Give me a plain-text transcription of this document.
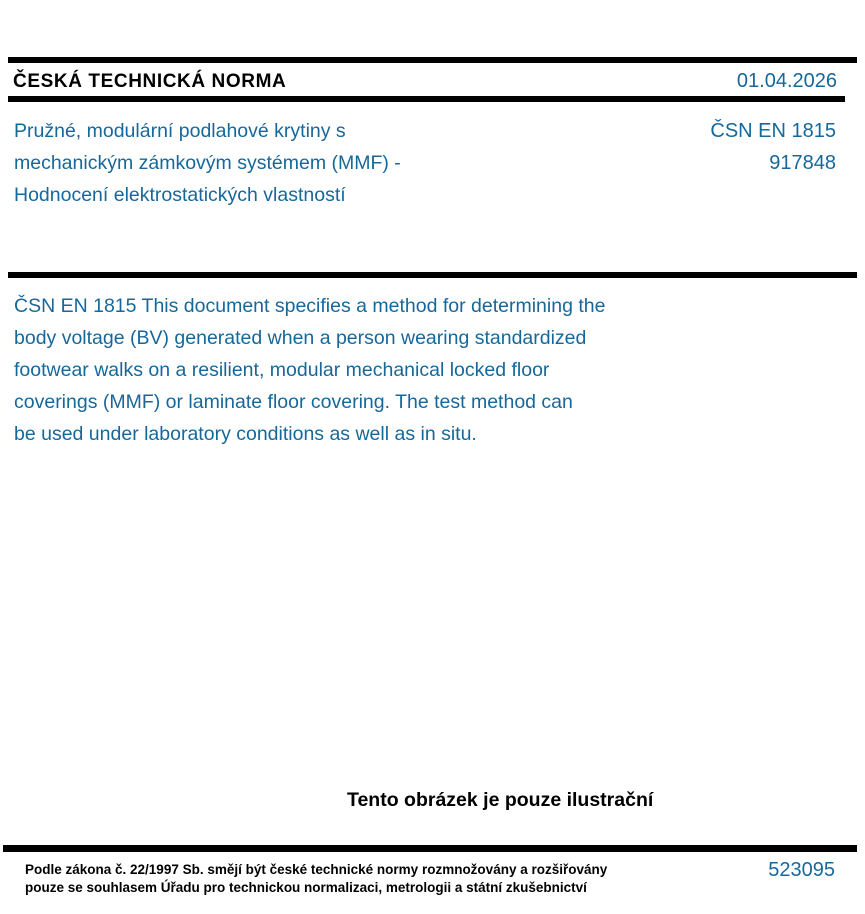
ČESKÁ TECHNICKÁ NORMA	01.04.2026
Pružné, modulární podlahové krytiny s
mechanickým zámkovým systémem (MMF) -
Hodnocení elektrostatických vlastností
ČSN EN 1815
917848
ČSN EN 1815 This document specifies a method for determining the
body voltage (BV) generated when a person wearing standardized
footwear walks on a resilient, modular mechanical locked floor
coverings (MMF) or laminate floor covering. The test method can
be used under laboratory conditions as well as in situ.
Tento obrázek je pouze ilustrační
Podle zákona č. 22/1997 Sb. smějí být české technické normy rozmnožovány a rozšiřovány
pouze se souhlasem Úřadu pro technickou normalizaci, metrologii a státní zkušebnictví
523095
